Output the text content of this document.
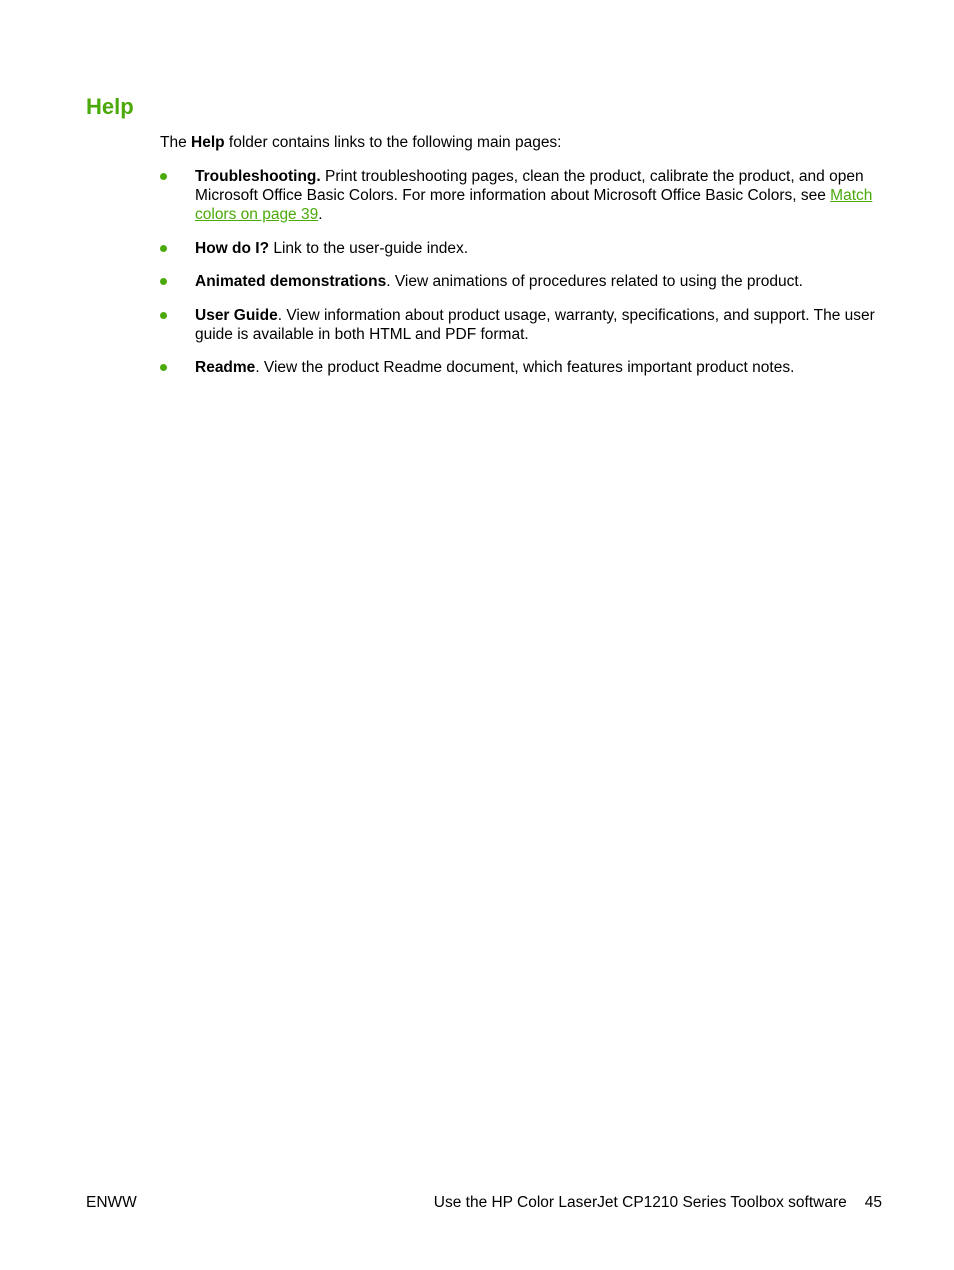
Help
The Help folder contains links to the following main pages:
Troubleshooting. Print troubleshooting pages, clean the product, calibrate the product, and open Microsoft Office Basic Colors. For more information about Microsoft Office Basic Colors, see Match colors on page 39.
How do I? Link to the user-guide index.
Animated demonstrations. View animations of procedures related to using the product.
User Guide. View information about product usage, warranty, specifications, and support. The user guide is available in both HTML and PDF format.
Readme. View the product Readme document, which features important product notes.
ENWW	Use the HP Color LaserJet CP1210 Series Toolbox software 45
